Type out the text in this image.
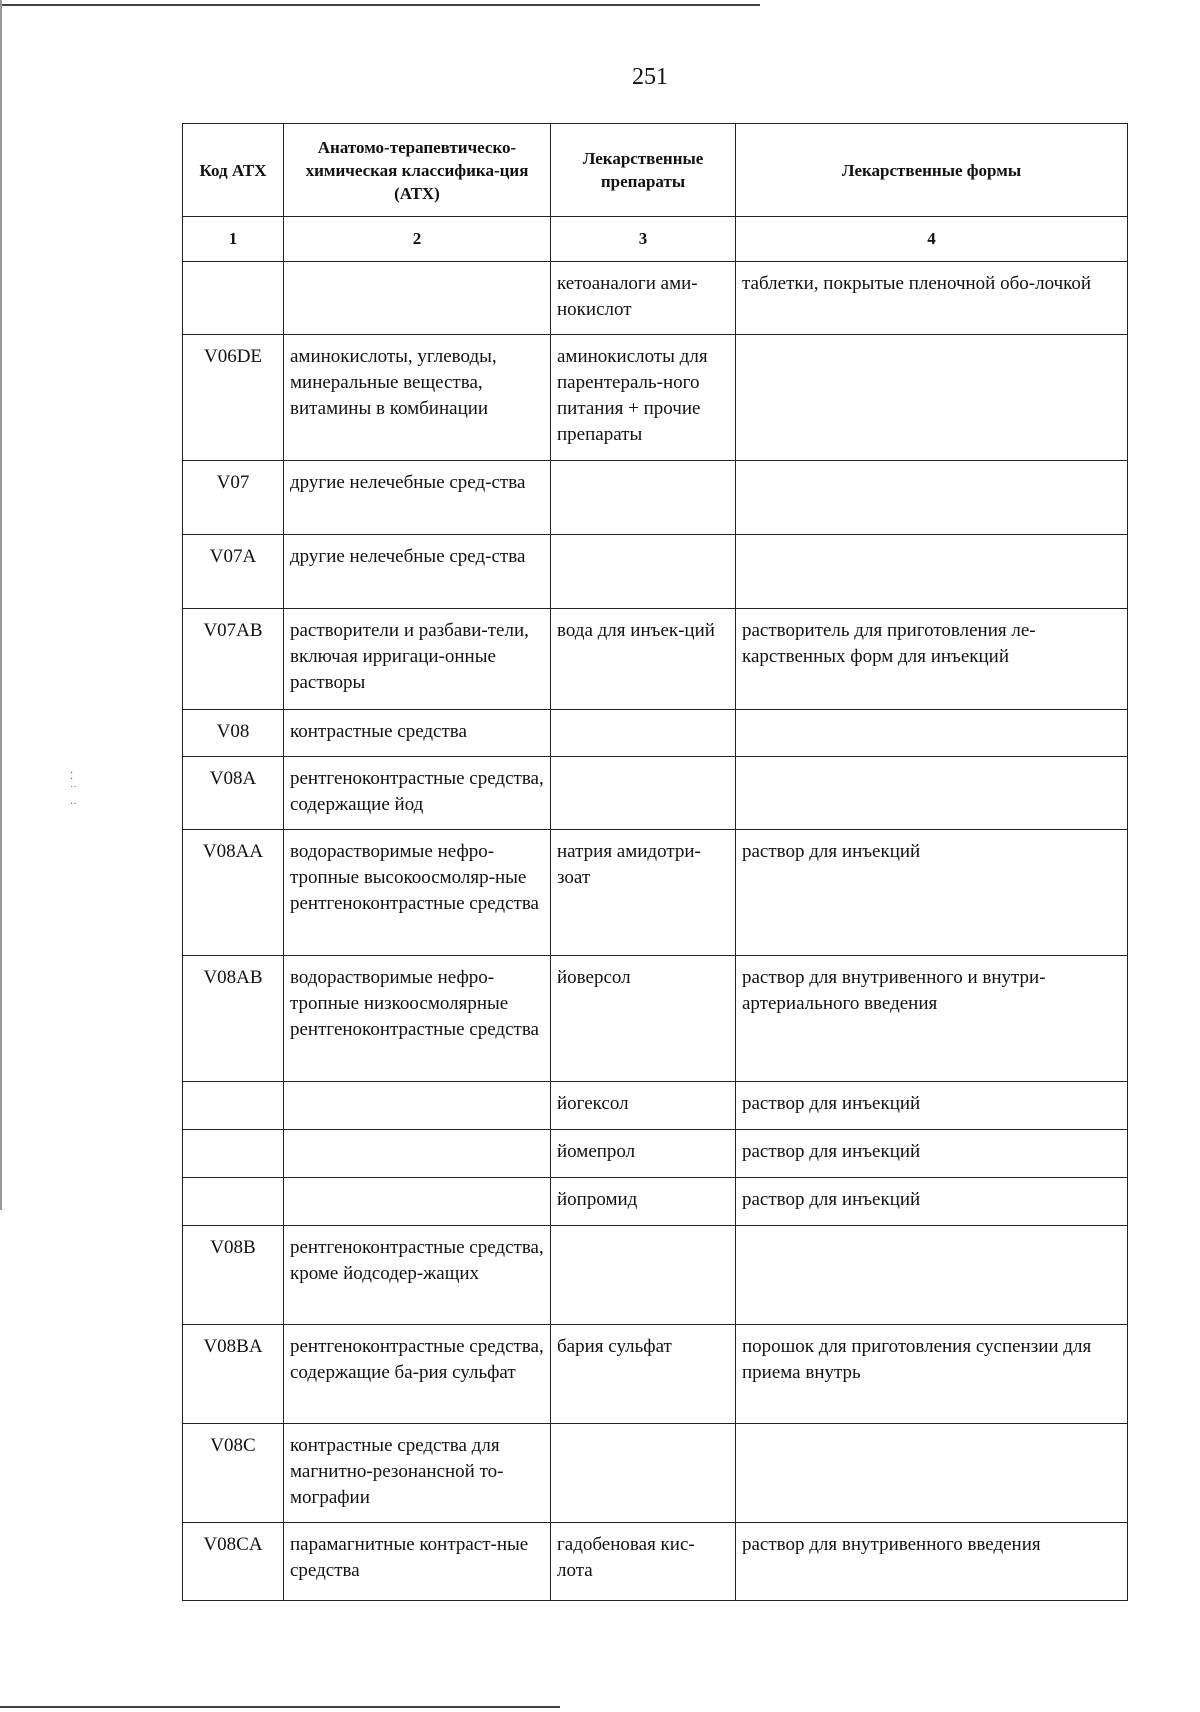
⁚
˙˙
··
251
Код ATX	Анатомо-терапевтическо-химическая классифика-ция (АТХ)	Лекарственные препараты	Лекарственные формы
1	2	3	4
		кетоаналоги ами-нокислот	таблетки, покрытые пленочной обо-лочкой
V06DE	аминокислоты, углеводы, минеральные вещества, витамины в комбинации	аминокислоты для парентераль-ного питания + прочие препараты	
V07	другие нелечебные сред-ства		
V07A	другие нелечебные сред-ства		
V07AB	растворители и разбави-тели, включая ирригаци-онные растворы	вода для инъек-ций	растворитель для приготовления ле-карственных форм для инъекций
V08	контрастные средства		
V08A	рентгеноконтрастные средства, содержащие йод		
V08AA	водорастворимые нефро-тропные высокоосмоляр-ные рентгеноконтрастные средства	натрия амидотри-зоат	раствор для инъекций
V08AB	водорастворимые нефро-тропные низкоосмолярные рентгеноконтрастные средства	йоверсол	раствор для внутривенного и внутри-артериального введения
		йогексол	раствор для инъекций
		йомепрол	раствор для инъекций
		йопромид	раствор для инъекций
V08B	рентгеноконтрастные средства, кроме йодсодер-жащих		
V08BA	рентгеноконтрастные средства, содержащие ба-рия сульфат	бария сульфат	порошок для приготовления суспензии для приема внутрь
V08C	контрастные средства для магнитно-резонансной то-мографии		
V08CA	парамагнитные контраст-ные средства	гадобеновая кис-лота	раствор для внутривенного введения
